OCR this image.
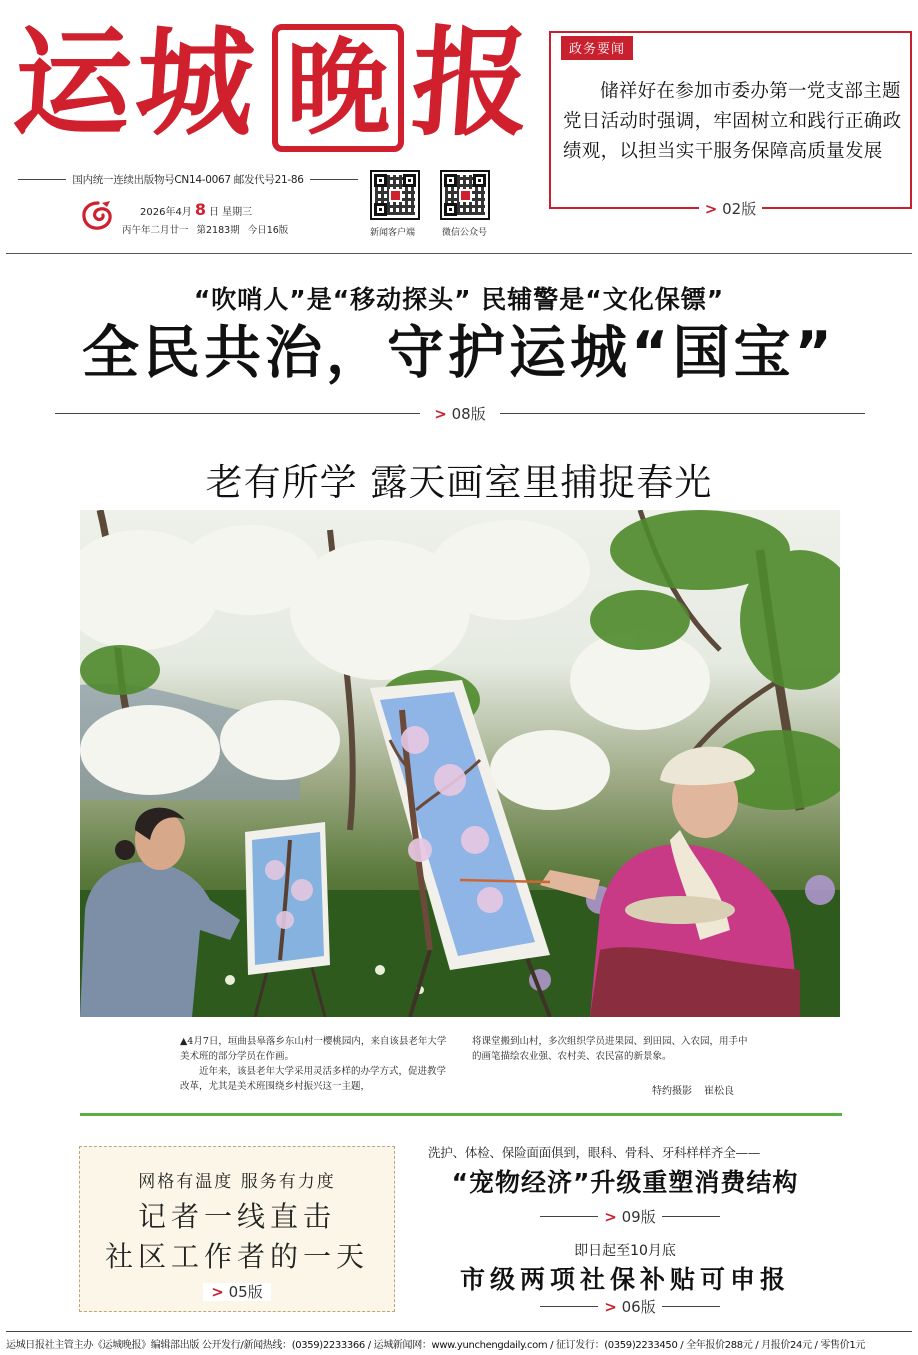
运
城 晚 报
国内统一连续出版物号CN14-0067 邮发代号21-86
2026年4月 8 日 星期三
丙午年二月廿一 第2183期 今日16版	新闻客户端	微信公众号
政务要闻

储祥好在参加市委办第一党支部主题党日活动时强调，牢固树立和践行正确政绩观，以担当实干服务保障高质量发展

> 02版
“吹哨人”是“移动探头” 民辅警是“文化保镖”
全民共治，守护运城“国宝”
> 08版
老有所学 露天画室里捕捉春光

▲4月7日，垣曲县皋落乡东山村一樱桃园内，来自该县老年大学美术班的部分学员在作画。

近年来，该县老年大学采用灵活多样的办学方式，促进教学改革，尤其是美术班围绕乡村振兴这一主题，

将课堂搬到山村，多次组织学员进果园、到田园、入农园，用手中的画笔描绘农业强、农村美、农民富的新景象。

特约摄影 崔松良
网格有温度 服务有力度
记者一线直击
社区工作者的一天
> 05版
洗护、体检、保险面面俱到，眼科、骨科、牙科样样齐全——
“宠物经济”升级重塑消费结构
> 09版
即日起至10月底
市级两项社保补贴可申报
> 06版
运城日报社主管主办《运城晚报》编辑部出版 公开发行/新闻热线：(0359)2233366 / 运城新闻网：www.yunchengdaily.com / 征订发行：(0359)2233450 / 全年报价288元 / 月报价24元 / 零售价1元
